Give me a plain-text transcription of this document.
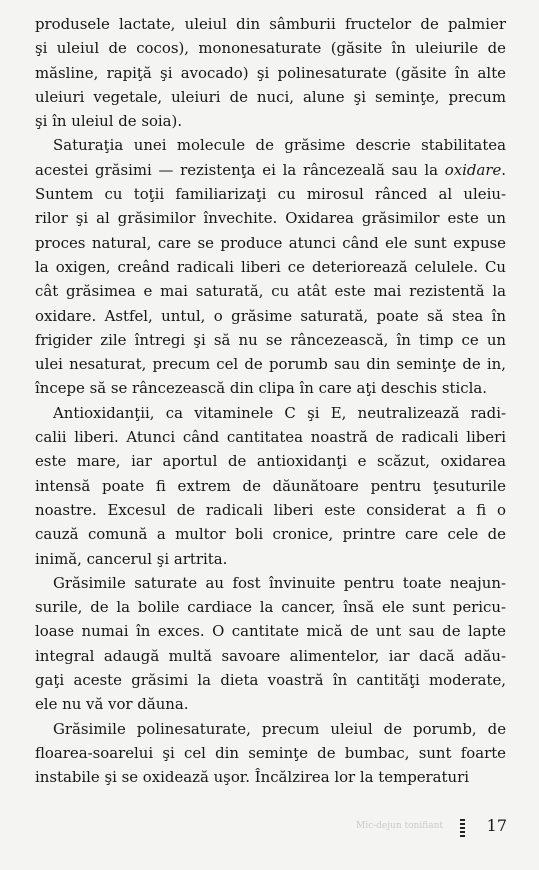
produsele lactate, uleiul din sâmburii fructelor de palmier
şi uleiul de cocos), mononesaturate (găsite în uleiurile de
măsline, rapiţă şi avocado) şi polinesaturate (găsite în alte
uleiuri vegetale, uleiuri de nuci, alune şi seminţe, precum
şi în uleiul de soia).
Saturaţia unei molecule de grăsime descrie stabilitatea
acestei grăsimi — rezistenţa ei la râncezeală sau la oxidare.
Suntem cu toţii familiarizaţi cu mirosul rânced al uleiu-
rilor şi al grăsimilor învechite. Oxidarea grăsimilor este un
proces natural, care se produce atunci când ele sunt expuse
la oxigen, creând radicali liberi ce deteriorează celulele. Cu
cât grăsimea e mai saturată, cu atât este mai rezistentă la
oxidare. Astfel, untul, o grăsime saturată, poate să stea în
frigider zile întregi şi să nu se râncezească, în timp ce un
ulei nesaturat, precum cel de porumb sau din seminţe de in,
începe să se râncezească din clipa în care aţi deschis sticla.
Antioxidanţii, ca vitaminele C şi E, neutralizează radi-
calii liberi. Atunci când cantitatea noastră de radicali liberi
este mare, iar aportul de antioxidanţi e scăzut, oxidarea
intensă poate fi extrem de dăunătoare pentru ţesuturile
noastre. Excesul de radicali liberi este considerat a fi o
cauză comună a multor boli cronice, printre care cele de
inimă, cancerul şi artrita.
Grăsimile saturate au fost învinuite pentru toate neajun-
surile, de la bolile cardiace la cancer, însă ele sunt pericu-
loase numai în exces. O cantitate mică de unt sau de lapte
integral adaugă multă savoare alimentelor, iar dacă adău-
gaţi aceste grăsimi la dieta voastră în cantităţi moderate,
ele nu vă vor dăuna.
Grăsimile polinesaturate, precum uleiul de porumb, de
floarea-soarelui şi cel din seminţe de bumbac, sunt foarte
instabile şi se oxidează uşor. Încălzirea lor la temperaturi
Mic-dejun tonifiant	17
